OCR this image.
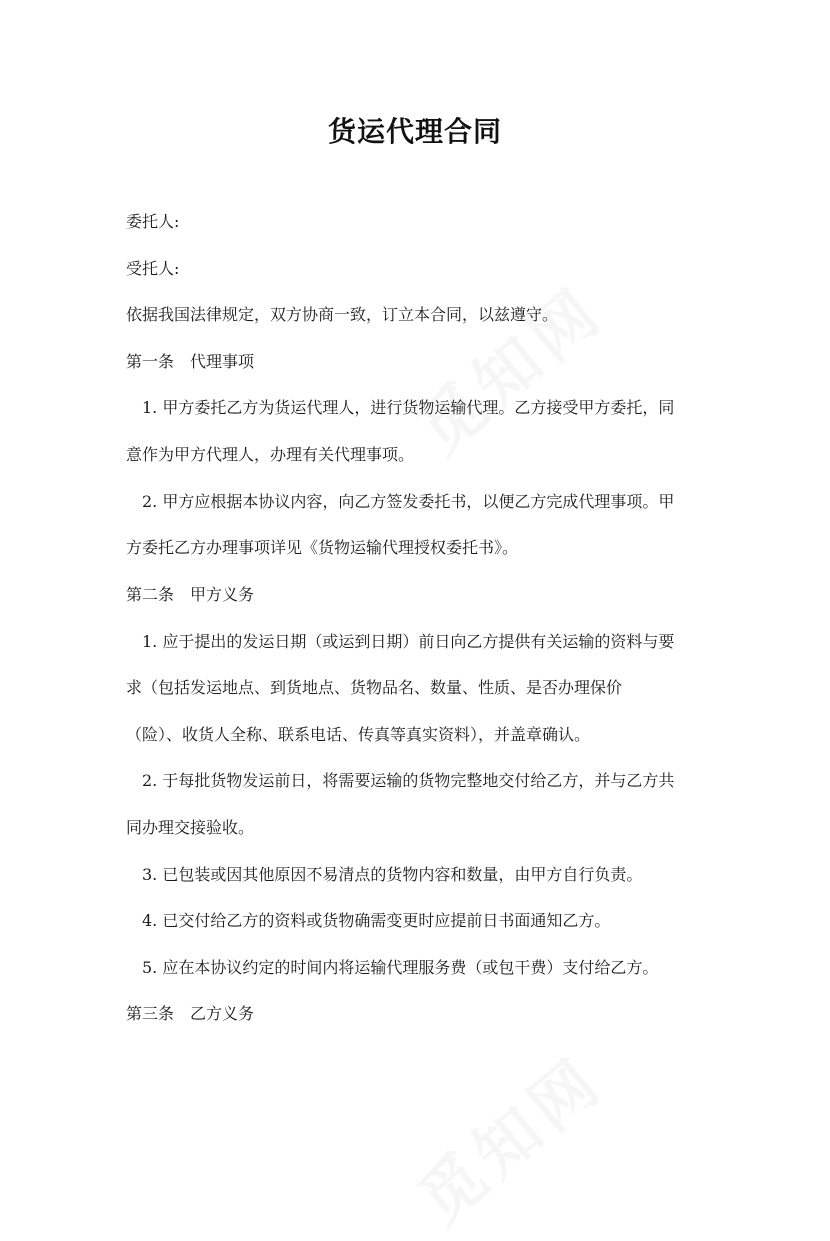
货运代理合同
委托人:
受托人:
依据我国法律规定，双方协商一致，订立本合同，以兹遵守。
第一条　代理事项
1. 甲方委托乙方为货运代理人，进行货物运输代理。乙方接受甲方委托，同
意作为甲方代理人，办理有关代理事项。
2. 甲方应根据本协议内容，向乙方签发委托书，以便乙方完成代理事项。甲
方委托乙方办理事项详见《货物运输代理授权委托书》。
第二条　甲方义务
1. 应于提出的发运日期（或运到日期）前日向乙方提供有关运输的资料与要
求（包括发运地点、到货地点、货物品名、数量、性质、是否办理保价
（险）、收货人全称、联系电话、传真等真实资料），并盖章确认。
2. 于每批货物发运前日，将需要运输的货物完整地交付给乙方，并与乙方共
同办理交接验收。
3. 已包装或因其他原因不易清点的货物内容和数量，由甲方自行负责。
4. 已交付给乙方的资料或货物确需变更时应提前日书面通知乙方。
5. 应在本协议约定的时间内将运输代理服务费（或包干费）支付给乙方。
第三条　乙方义务
